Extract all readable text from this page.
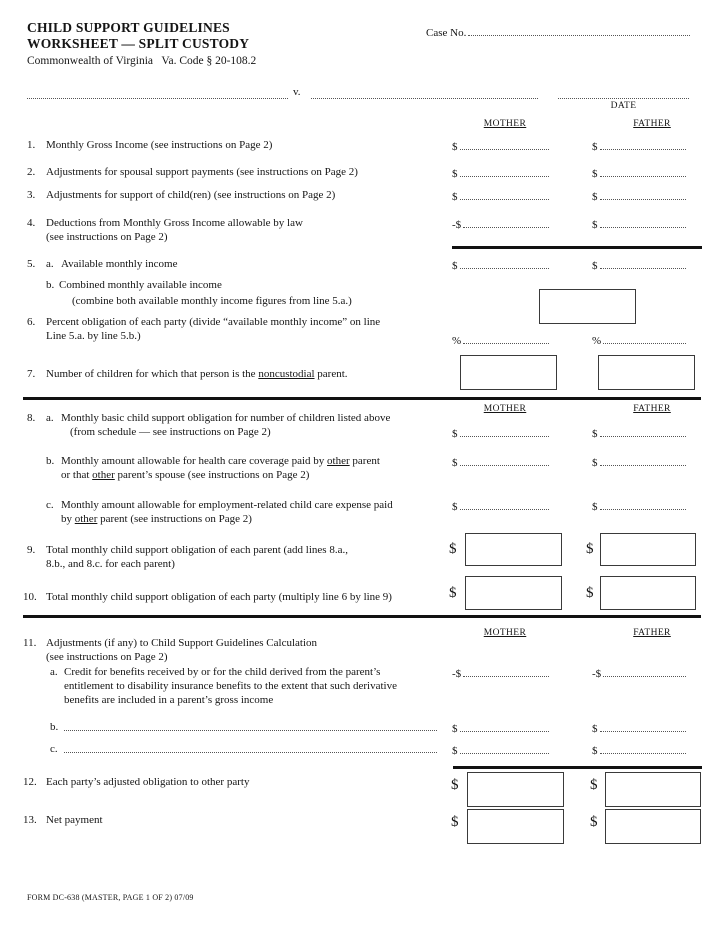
CHILD SUPPORT GUIDELINES
WORKSHEET — SPLIT CUSTODY
Commonwealth of Virginia   Va. Code § 20-108.2
Case No.
v.
DATE
MOTHER	FATHER
1. Monthly Gross Income (see instructions on Page 2)	$	$
2. Adjustments for spousal support payments (see instructions on Page 2)	$	$
3. Adjustments for support of child(ren) (see instructions on Page 2)	$	$
4. Deductions from Monthly Gross Income allowable by law
(see instructions on Page 2)
-$	$
5. a. Available monthly income	$	$
b. Combined monthly available income
(combine both available monthly income figures from line 5.a.)
6. Percent obligation of each party (divide “available monthly income” on line
Line 5.a. by line 5.b.)	%	%
7. Number of children for which that person is the noncustodial parent.
MOTHER	FATHER
8. a. Monthly basic child support obligation for number of children listed above
(from schedule — see instructions on Page 2)	$	$
b. Monthly amount allowable for health care coverage paid by other parent
or that other parent’s spouse (see instructions on Page 2)
$	$
c. Monthly amount allowable for employment-related child care expense paid
by other parent (see instructions on Page 2)
$	$
9. Total monthly child support obligation of each parent (add lines 8.a.,
8.b., and 8.c. for each parent)
$	$
10. Total monthly child support obligation of each party (multiply line 6 by line 9)	$	$
MOTHER	FATHER
11. Adjustments (if any) to Child Support Guidelines Calculation
(see instructions on Page 2)
a. Credit for benefits received by or for the child derived from the parent’s
entitlement to disability insurance benefits to the extent that such derivative
benefits are included in a parent’s gross income
-$	-$
b.	$	$
c.	$	$
12. Each party’s adjusted obligation to other party	$	$
13. Net payment	$	$
FORM DC-638 (MASTER, PAGE 1 OF 2) 07/09
